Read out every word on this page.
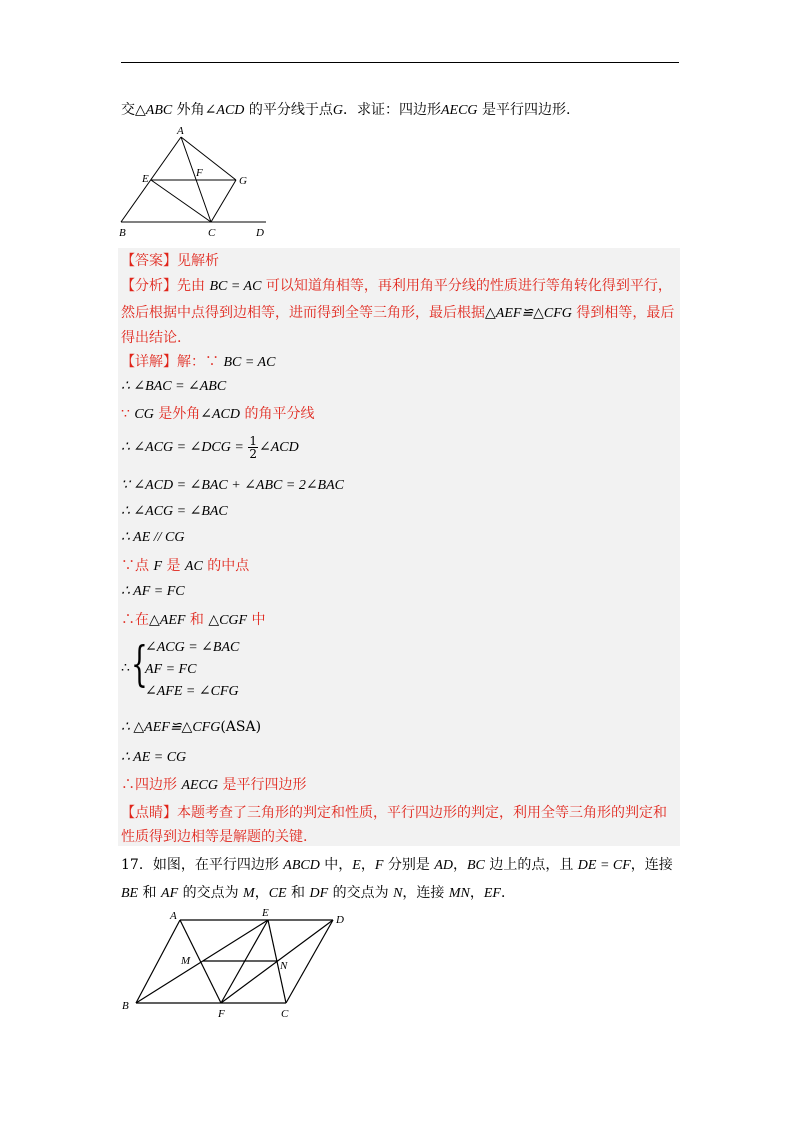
交△ABC 外角∠ACD 的平分线于点G．求证：四边形AECG 是平行四边形.
A
E	F
G
B	C	D
【答案】见解析
【分析】先由 BC = AC 可以知道角相等，再利用角平分线的性质进行等角转化得到平行，
然后根据中点得到边相等，进而得到全等三角形，最后根据△AEF≌△CFG 得到相等，最后
得出结论.
【详解】解：∵ BC = AC
∴ ∠BAC = ∠ABC
∵ CG 是外角∠ACD 的角平分线
∴ ∠ACG = ∠DCG = $\frac{1}{2}$ ∠ACD
∵ ∠ACD = ∠BAC + ∠ABC = 2∠BAC
∴ ∠ACG = ∠BAC
∴ AE // CG
∵点 F 是 AC 的中点
∴ AF = FC
∴在△AEF 和 △CGF 中
∴ {
∠ACG = ∠BAC
AF = FC
∠AFE = ∠CFG
∴ △AEF≌△CFG(ASA)
∴ AE = CG
∴四边形 AECG 是平行四边形
【点睛】本题考查了三角形的判定和性质，平行四边形的判定，利用全等三角形的判定和
性质得到边相等是解题的关键.
17．如图，在平行四边形 ABCD 中，E，F 分别是 AD，BC 边上的点，且 DE = CF，连接
BE 和 AF 的交点为 M，CE 和 DF 的交点为 N，连接 MN，EF．
A	E
D
M	N
B
F	C
